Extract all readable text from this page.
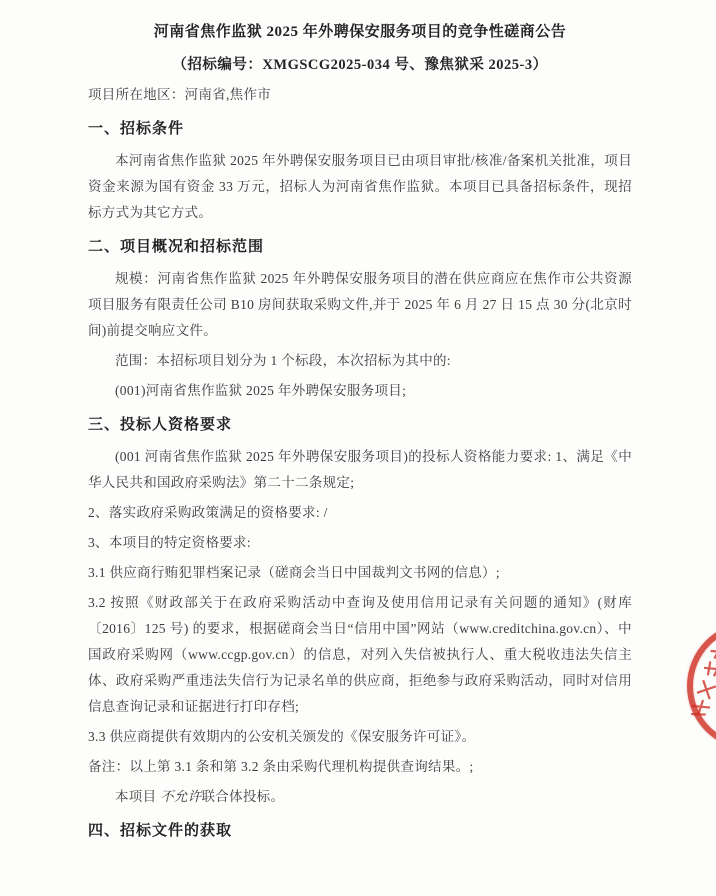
河南省焦作监狱 2025 年外聘保安服务项目的竞争性磋商公告
（招标编号：XMGSCG2025-034 号、豫焦狱采 2025-3）
项目所在地区：河南省,焦作市
一、招标条件

本河南省焦作监狱 2025 年外聘保安服务项目已由项目审批/核准/备案机关批准，项目资金来源为国有资金 33 万元，招标人为河南省焦作监狱。本项目已具备招标条件，现招标方式为其它方式。

二、项目概况和招标范围

规模：河南省焦作监狱 2025 年外聘保安服务项目的潜在供应商应在焦作市公共资源项目服务有限责任公司 B10 房间获取采购文件,并于 2025 年 6 月 27 日 15 点 30 分(北京时间)前提交响应文件。

范围：本招标项目划分为 1 个标段，本次招标为其中的:

(001)河南省焦作监狱 2025 年外聘保安服务项目;

三、投标人资格要求

(001 河南省焦作监狱 2025 年外聘保安服务项目)的投标人资格能力要求: 1、满足《中华人民共和国政府采购法》第二十二条规定;

2、落实政府采购政策满足的资格要求: /

3、本项目的特定资格要求:

3.1 供应商行贿犯罪档案记录（磋商会当日中国裁判文书网的信息）;

3.2 按照《财政部关于在政府采购活动中查询及使用信用记录有关问题的通知》(财库〔2016〕125 号) 的要求，根据磋商会当日“信用中国”网站（www.creditchina.gov.cn）、中国政府采购网（www.ccgp.gov.cn）的信息，对列入失信被执行人、重大税收违法失信主体、政府采购严重违法失信行为记录名单的供应商，拒绝参与政府采购活动，同时对信用信息查询记录和证据进行打印存档;

3.3 供应商提供有效期内的公安机关颁发的《保安服务许可证》。

备注：以上第 3.1 条和第 3.2 条由采购代理机构提供查询结果。;

本项目 不允许联合体投标。

四、招标文件的获取
